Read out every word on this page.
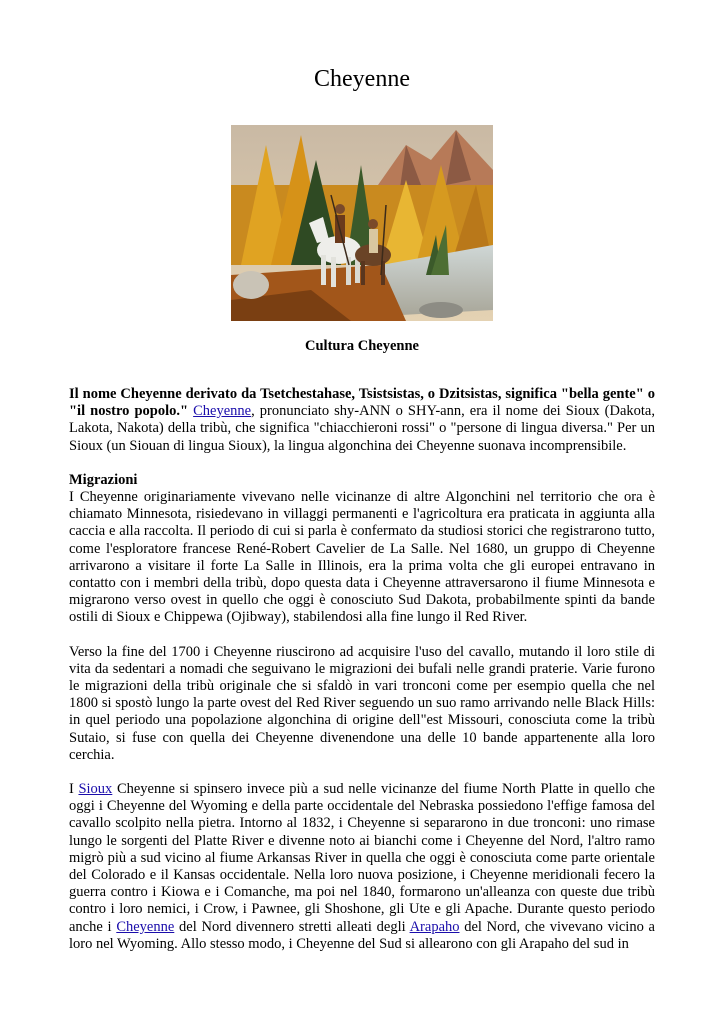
Cheyenne
Cultura Cheyenne

Il nome Cheyenne derivato da Tsetchestahase, Tsistsistas, o Dzitsistas, significa "bella gente" o "il nostro popolo." Cheyenne, pronunciato shy-ANN o SHY-ann, era il nome dei Sioux (Dakota, Lakota, Nakota) della tribù, che significa "chiacchieroni rossi" o "persone di lingua diversa." Per un Sioux (un Siouan di lingua Sioux), la lingua algonchina dei Cheyenne suonava incomprensibile.

Migrazioni
I Cheyenne originariamente vivevano nelle vicinanze di altre Algonchini nel territorio che ora è chiamato Minnesota, risiedevano in villaggi permanenti e l'agricoltura era praticata in aggiunta alla caccia e alla raccolta. Il periodo di cui si parla è confermato da studiosi storici che registrarono tutto, come l'esploratore francese René-Robert Cavelier de La Salle. Nel 1680, un gruppo di Cheyenne arrivarono a visitare il forte La Salle in Illinois, era la prima volta che gli europei entravano in contatto con i membri della tribù, dopo questa data i Cheyenne attraversarono il fiume Minnesota e migrarono verso ovest in quello che oggi è conosciuto Sud Dakota, probabilmente spinti da bande ostili di Sioux e Chippewa (Ojibway), stabilendosi alla fine lungo il Red River.

Verso la fine del 1700 i Cheyenne riuscirono ad acquisire l'uso del cavallo, mutando il loro stile di vita da sedentari a nomadi che seguivano le migrazioni dei bufali nelle grandi praterie. Varie furono le migrazioni della tribù originale che si sfaldò in vari tronconi come per esempio quella che nel 1800 si spostò lungo la parte ovest del Red River seguendo un suo ramo arrivando nelle Black Hills: in quel periodo una popolazione algonchina di origine dell"est Missouri, conosciuta come la tribù Sutaio, si fuse con quella dei Cheyenne divenendone una delle 10 bande appartenente alla loro cerchia.

I Sioux Cheyenne si spinsero invece più a sud nelle vicinanze del fiume North Platte in quello che oggi i Cheyenne del Wyoming e della parte occidentale del Nebraska possiedono l'effige famosa del cavallo scolpito nella pietra. Intorno al 1832, i Cheyenne si separarono in due tronconi: uno rimase lungo le sorgenti del Platte River e divenne noto ai bianchi come i Cheyenne del Nord, l'altro ramo migrò più a sud vicino al fiume Arkansas River in quella che oggi è conosciuta come parte orientale del Colorado e il Kansas occidentale. Nella loro nuova posizione, i Cheyenne meridionali fecero la guerra contro i Kiowa e i Comanche, ma poi nel 1840, formarono un'alleanza con queste due tribù contro i loro nemici, i Crow, i Pawnee, gli Shoshone, gli Ute e gli Apache. Durante questo periodo anche i Cheyenne del Nord divennero stretti alleati degli Arapaho del Nord, che vivevano vicino a loro nel Wyoming. Allo stesso modo, i Cheyenne del Sud si allearono con gli Arapaho del sud in
